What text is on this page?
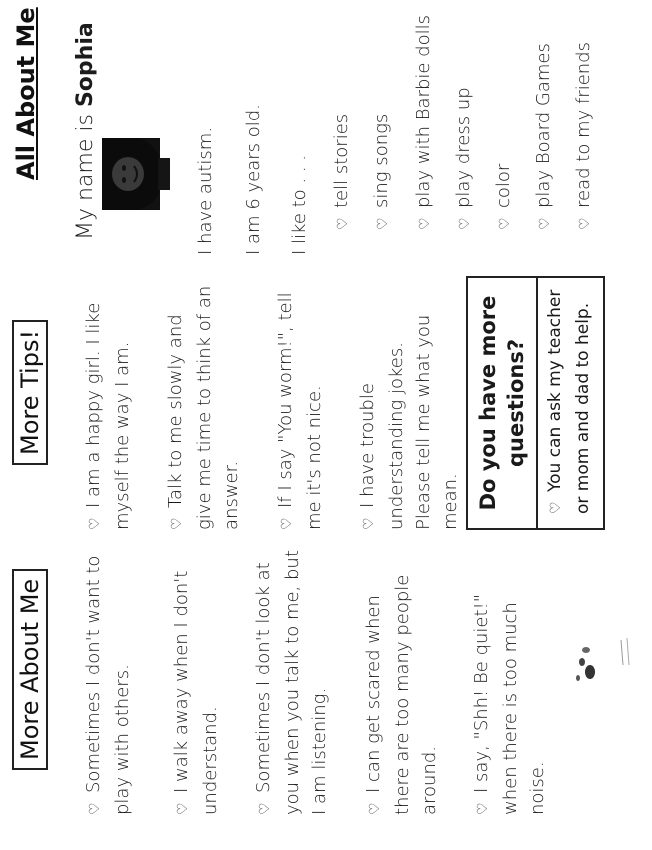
More About Me
♡Sometimes I don't want to play with others.	♡I walk away when I don't understand.	♡Sometimes I don't look at you when you talk to me, but I am listening.	♡I can get scared when there are too many people around.	♡I say, "Shh! Be quiet!" when there is too much noise.
More Tips!
♡I am a happy girl. I like myself the way I am.	♡Talk to me slowly and give me time to think of an answer.	♡If I say "You worm!", tell me it's not nice.	♡I have trouble understanding jokes. Please tell me what you mean. Do you have more questions?
♡You can ask my teacher or mom and dad to help.
All About Me My name is Sophia
I have autism. I am 6 years old. I like to . . .	♡tell stories
♡sing songs
♡play with Barbie dolls
♡play dress up
♡color
♡play Board Games
♡read to my friends
